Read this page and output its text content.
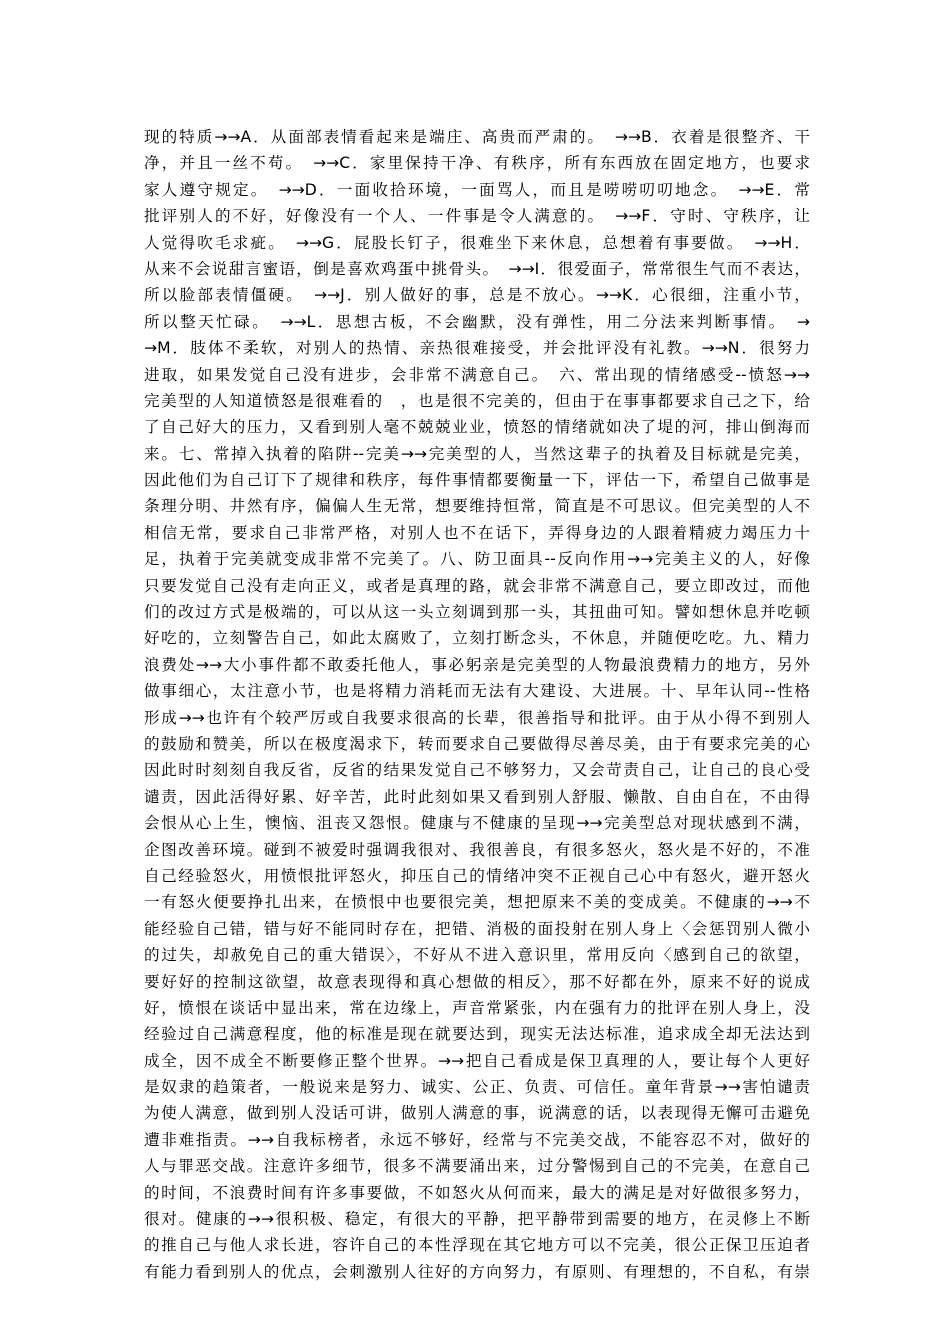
现的特质→→A．从面部表情看起来是端庄、高贵而严肃的。　→→B．衣着是很整齐、干
净，并且一丝不苟。　→→C．家里保持干净、有秩序，所有东西放在固定地方，也要求
家人遵守规定。　→→D．一面收拾环境，一面骂人，而且是唠唠叨叨地念。　→→E．常
批评别人的不好，好像没有一个人、一件事是令人满意的。　→→F．守时、守秩序，让
人觉得吹毛求疵。　→→G．屁股长钉子，很难坐下来休息，总想着有事要做。　→→H．
从来不会说甜言蜜语，倒是喜欢鸡蛋中挑骨头。　→→I．很爱面子，常常很生气而不表达，
所以脸部表情僵硬。　→→J．别人做好的事，总是不放心。→→K．心很细，注重小节，
所以整天忙碌。　→→L．思想古板，不会幽默，没有弹性，用二分法来判断事情。　→
→M．肢体不柔软，对别人的热情、亲热很难接受，并会批评没有礼教。→→N．很努力
进取，如果发觉自己没有进步，会非常不满意自己。　六、常出现的情绪感受--愤怒→→
完美型的人知道愤怒是很难看的　，也是很不完美的，但由于在事事都要求自己之下，给
了自己好大的压力，又看到别人毫不兢兢业业，愤怒的情绪就如决了堤的河，排山倒海而
来。七、常掉入执着的陷阱--完美→→完美型的人，当然这辈子的执着及目标就是完美，
因此他们为自己订下了规律和秩序，每件事情都要衡量一下，评估一下，希望自己做事是
条理分明、井然有序，偏偏人生无常，想要维持恒常，简直是不可思议。但完美型的人不
相信无常，要求自己非常严格，对别人也不在话下，弄得身边的人跟着精疲力竭压力十
足，执着于完美就变成非常不完美了。八、防卫面具--反向作用→→完美主义的人，好像
只要发觉自己没有走向正义，或者是真理的路，就会非常不满意自己，要立即改过，而他
们的改过方式是极端的，可以从这一头立刻调到那一头，其扭曲可知。譬如想休息并吃顿
好吃的，立刻警告自己，如此太腐败了，立刻打断念头，不休息，并随便吃吃。九、精力
浪费处→→大小事件都不敢委托他人，事必躬亲是完美型的人物最浪费精力的地方，另外
做事细心，太注意小节，也是将精力消耗而无法有大建设、大进展。十、早年认同--性格
形成→→也许有个较严厉或自我要求很高的长辈，很善指导和批评。由于从小得不到别人
的鼓励和赞美，所以在极度渴求下，转而要求自己要做得尽善尽美，由于有要求完美的心
因此时时刻刻自我反省，反省的结果发觉自己不够努力，又会苛责自己，让自己的良心受
谴责，因此活得好累、好辛苦，此时此刻如果又看到别人舒服、懒散、自由自在，不由得
会恨从心上生，懊恼、沮丧又怨恨。健康与不健康的呈现→→完美型总对现状感到不满，
企图改善环境。碰到不被爱时强调我很对、我很善良，有很多怒火，怒火是不好的，不准
自己经验怒火，用愤恨批评怒火，抑压自己的情绪冲突不正视自己心中有怒火，避开怒火
一有怒火便要挣扎出来，在愤恨中也要很完美，想把原来不美的变成美。不健康的→→不
能经验自己错，错与好不能同时存在，把错、消极的面投射在别人身上〈会惩罚别人微小
的过失，却赦免自己的重大错误〉，不好从不进入意识里，常用反向〈感到自己的欲望，
要好好的控制这欲望，故意表现得和真心想做的相反〉，那不好都在外，原来不好的说成
好，愤恨在谈话中显出来，常在边缘上，声音常紧张，内在强有力的批评在别人身上，没
经验过自己满意程度，他的标准是现在就要达到，现实无法达标准，追求成全却无法达到
成全，因不成全不断要修正整个世界。→→把自己看成是保卫真理的人，要让每个人更好
是奴隶的趋策者，一般说来是努力、诚实、公正、负责、可信任。童年背景→→害怕谴责
为使人满意，做到别人没话可讲，做别人满意的事，说满意的话，以表现得无懈可击避免
遭非难指责。→→自我标榜者，永远不够好，经常与不完美交战，不能容忍不对，做好的
人与罪恶交战。注意许多细节，很多不满要涌出来，过分警惕到自己的不完美，在意自己
的时间，不浪费时间有许多事要做，不如怒火从何而来，最大的满足是对好做很多努力，
很对。健康的→→很积极、稳定，有很大的平静，把平静带到需要的地方，在灵修上不断
的推自己与他人求长进，容许自己的本性浮现在其它地方可以不完美，很公正保卫压迫者
有能力看到别人的优点，会刺激别人往好的方向努力，有原则、有理想的，不自私，有崇
